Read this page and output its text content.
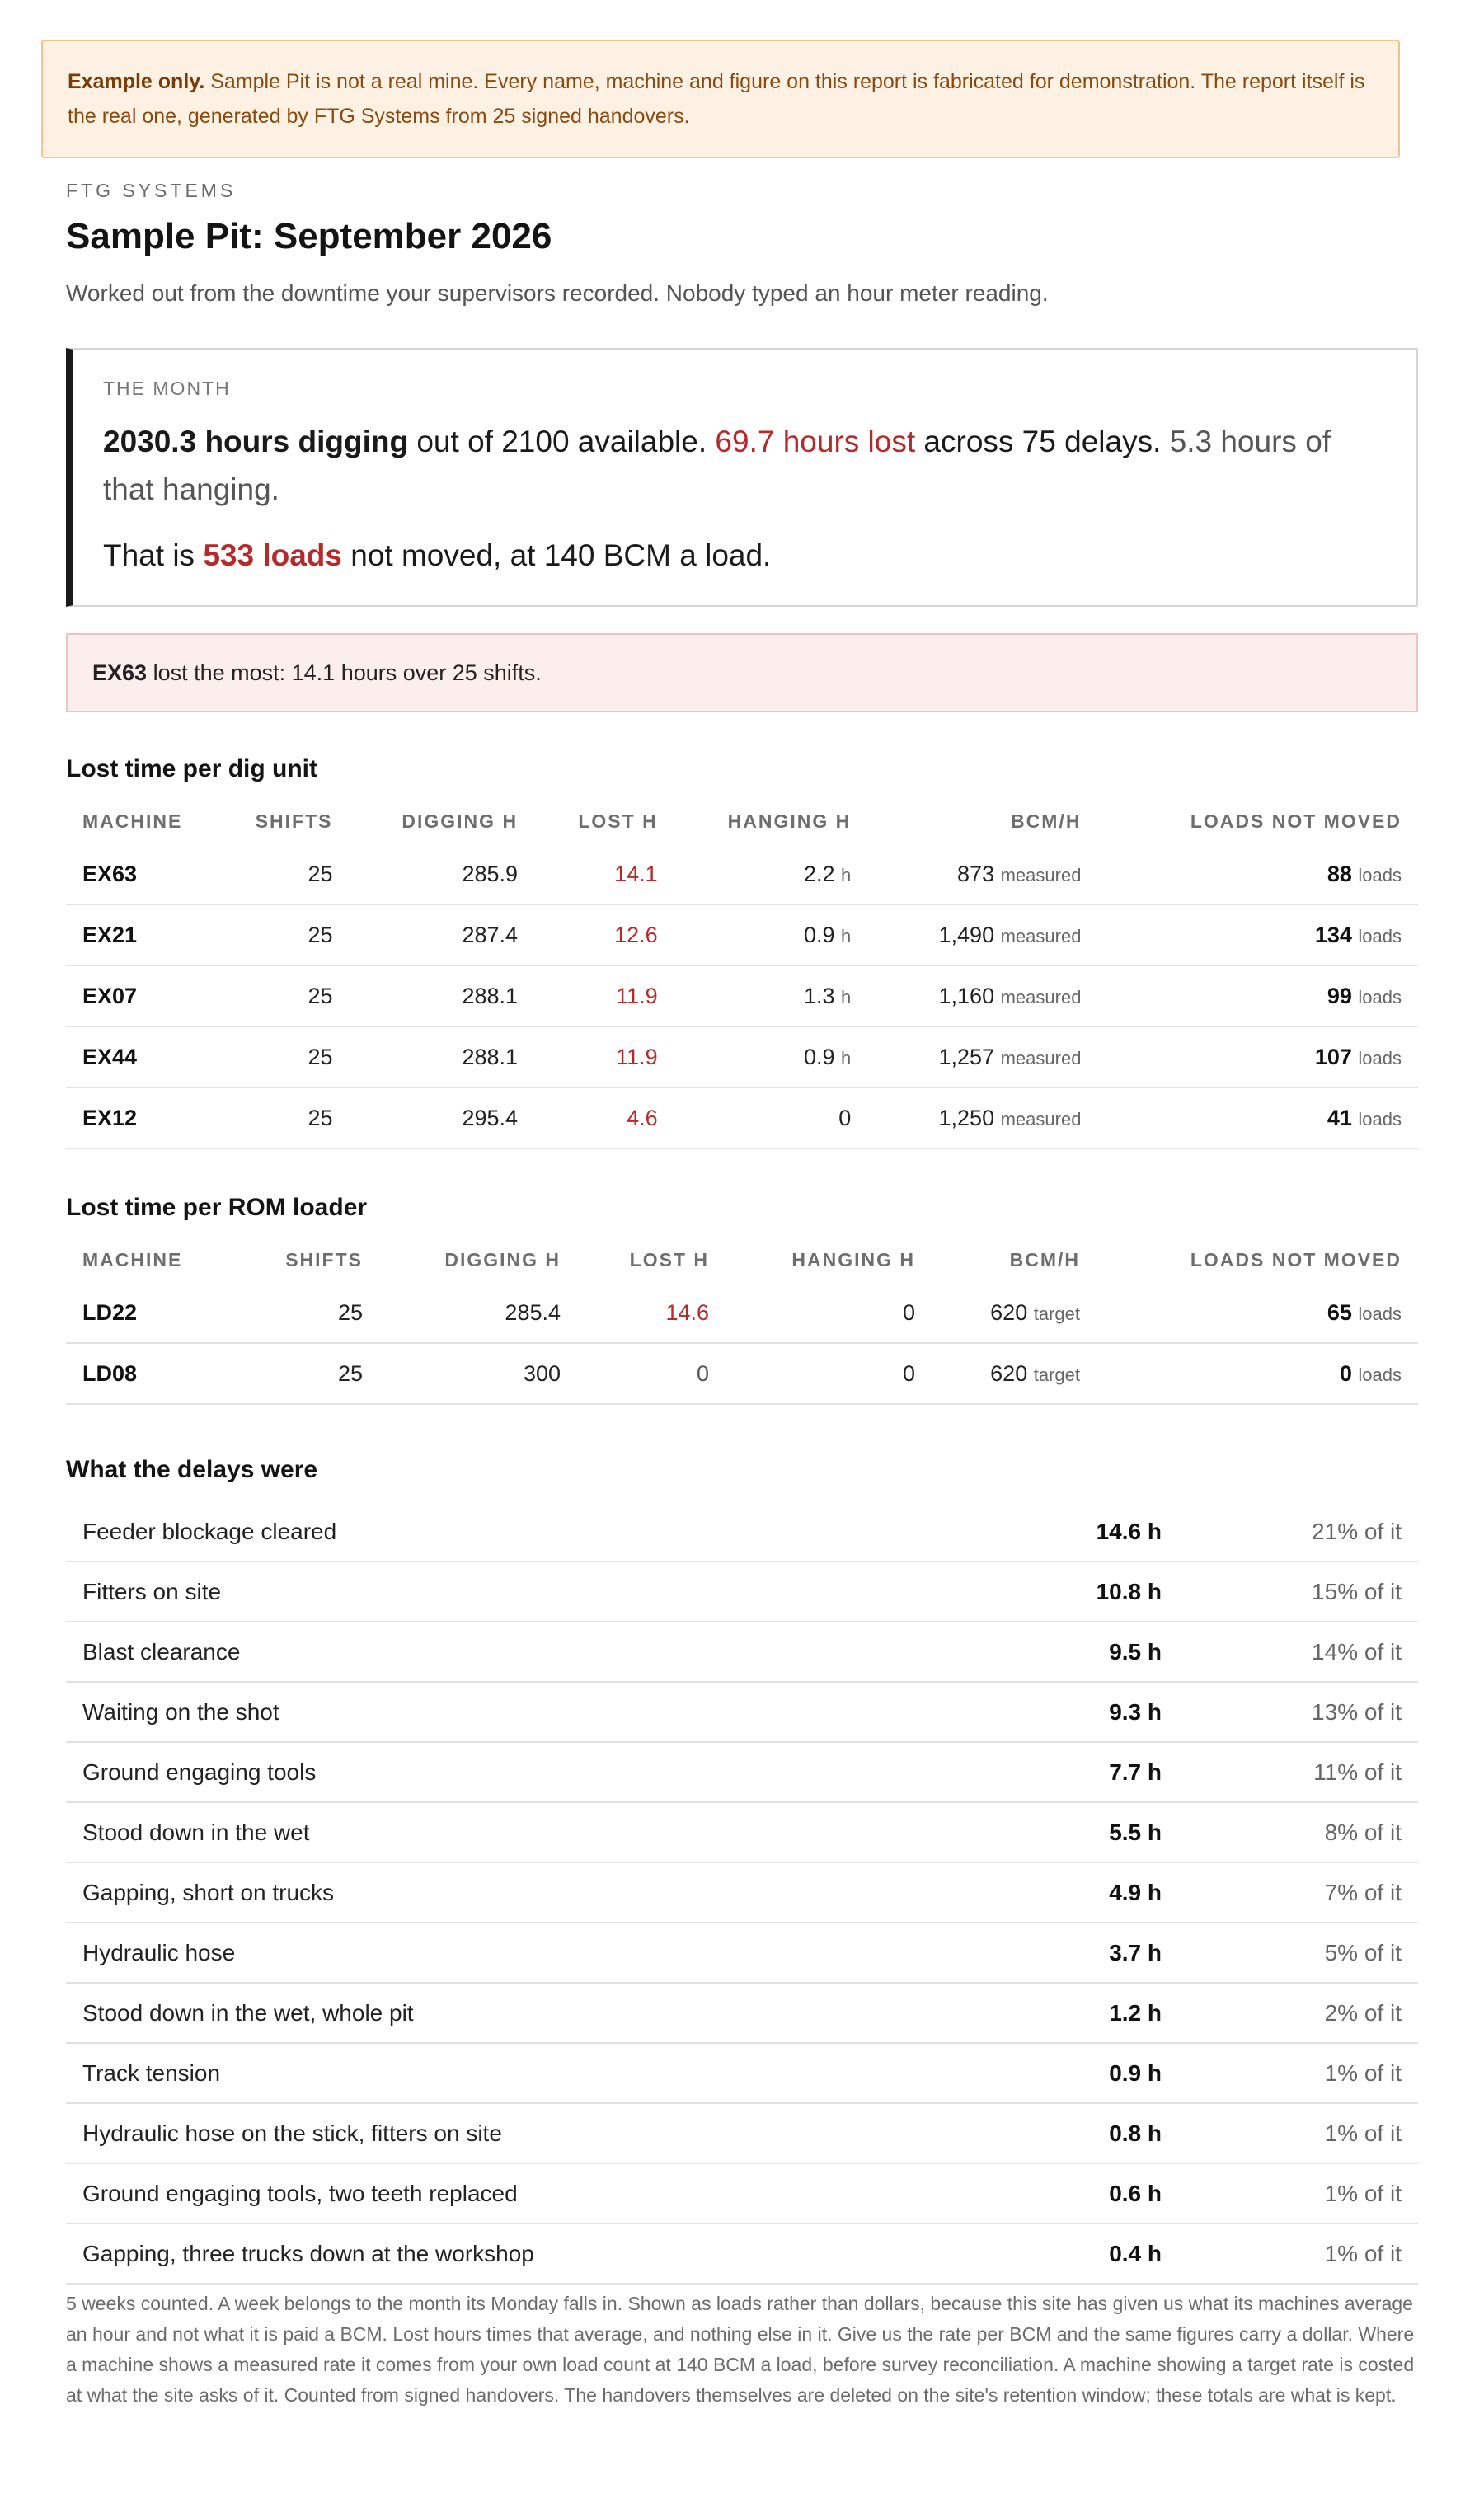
Example only. Sample Pit is not a real mine. Every name, machine and figure on this report is fabricated for demonstration. The report itself is the real one, generated by FTG Systems from 25 signed handovers.
FTG SYSTEMS
Sample Pit: September 2026
Worked out from the downtime your supervisors recorded. Nobody typed an hour meter reading.
THE MONTH
2030.3 hours digging out of 2100 available. 69.7 hours lost across 75 delays. 5.3 hours of that hanging.
That is 533 loads not moved, at 140 BCM a load.
EX63 lost the most: 14.1 hours over 25 shifts.
Lost time per dig unit
MACHINE	SHIFTS	DIGGING H	LOST H	HANGING H	BCM/H	LOADS NOT MOVED
EX63	25	285.9	14.1	2.2 h	873 measured	88 loads
EX21	25	287.4	12.6	0.9 h	1,490 measured	134 loads
EX07	25	288.1	11.9	1.3 h	1,160 measured	99 loads
EX44	25	288.1	11.9	0.9 h	1,257 measured	107 loads
EX12	25	295.4	4.6	0	1,250 measured	41 loads
Lost time per ROM loader
MACHINE	SHIFTS	DIGGING H	LOST H	HANGING H	BCM/H	LOADS NOT MOVED
LD22	25	285.4	14.6	0	620 target	65 loads
LD08	25	300	0	0	620 target	0 loads
What the delays were
Feeder blockage cleared	14.6 h	21% of it
Fitters on site	10.8 h	15% of it
Blast clearance	9.5 h	14% of it
Waiting on the shot	9.3 h	13% of it
Ground engaging tools	7.7 h	11% of it
Stood down in the wet	5.5 h	8% of it
Gapping, short on trucks	4.9 h	7% of it
Hydraulic hose	3.7 h	5% of it
Stood down in the wet, whole pit	1.2 h	2% of it
Track tension	0.9 h	1% of it
Hydraulic hose on the stick, fitters on site	0.8 h	1% of it
Ground engaging tools, two teeth replaced	0.6 h	1% of it
Gapping, three trucks down at the workshop	0.4 h	1% of it
5 weeks counted. A week belongs to the month its Monday falls in. Shown as loads rather than dollars, because this site has given us what its machines average an hour and not what it is paid a BCM. Lost hours times that average, and nothing else in it. Give us the rate per BCM and the same figures carry a dollar. Where a machine shows a measured rate it comes from your own load count at 140 BCM a load, before survey reconciliation. A machine showing a target rate is costed at what the site asks of it. Counted from signed handovers. The handovers themselves are deleted on the site's retention window; these totals are what is kept.
